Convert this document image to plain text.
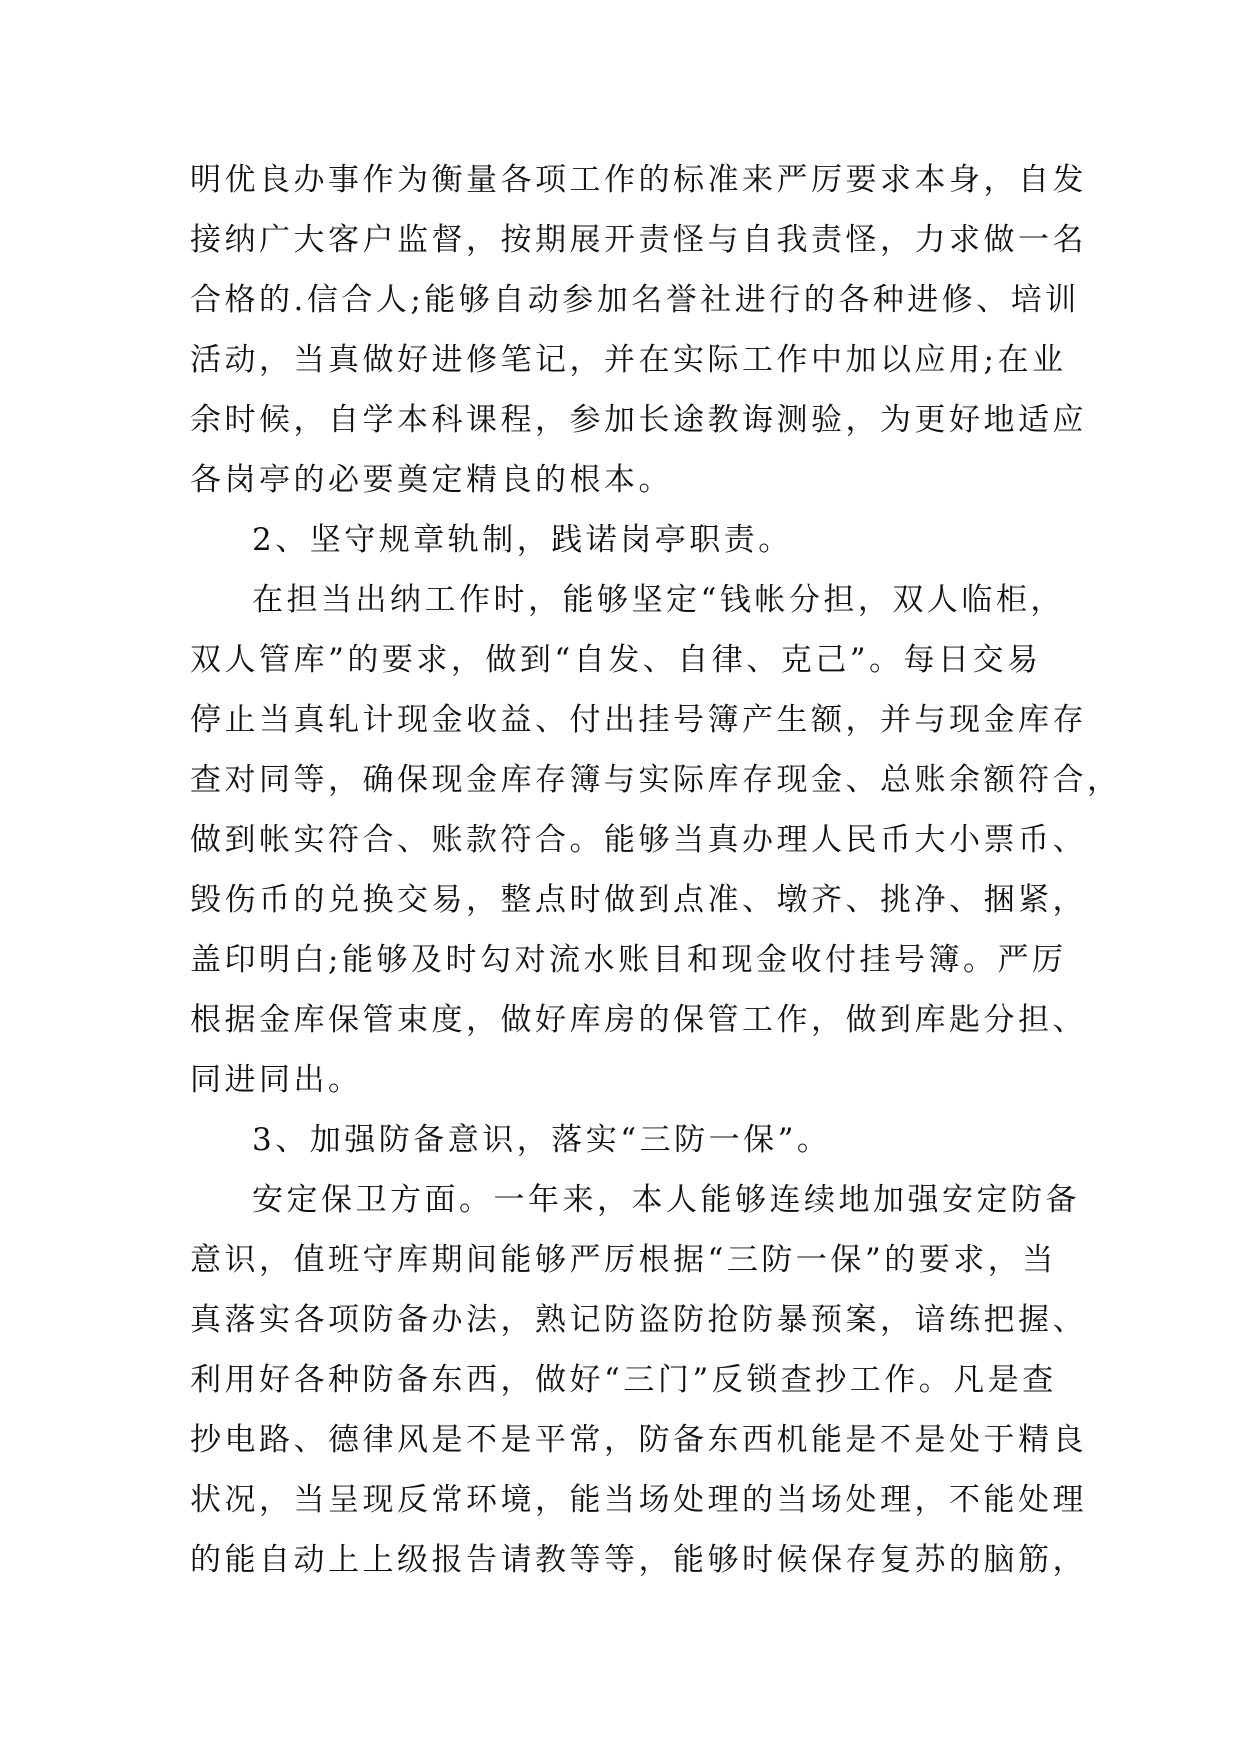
明优良办事作为衡量各项工作的标准来严厉要求本身，自发
接纳广大客户监督，按期展开责怪与自我责怪，力求做一名
合格的.信合人;能够自动参加名誉社进行的各种进修、培训
活动，当真做好进修笔记，并在实际工作中加以应用;在业
余时候，自学本科课程，参加长途教诲测验，为更好地适应
各岗亭的必要奠定精良的根本。
2、坚守规章轨制，践诺岗亭职责。
在担当出纳工作时，能够坚定“钱帐分担，双人临柜，
双人管库”的要求，做到“自发、自律、克己”。每日交易
停止当真轧计现金收益、付出挂号簿产生额，并与现金库存
查对同等，确保现金库存簿与实际库存现金、总账余额符合，
做到帐实符合、账款符合。能够当真办理人民币大小票币、
毁伤币的兑换交易，整点时做到点准、墩齐、挑净、捆紧，
盖印明白;能够及时勾对流水账目和现金收付挂号簿。严厉
根据金库保管束度，做好库房的保管工作，做到库匙分担、
同进同出。
3、加强防备意识，落实“三防一保”。
安定保卫方面。一年来，本人能够连续地加强安定防备
意识，值班守库期间能够严厉根据“三防一保”的要求，当
真落实各项防备办法，熟记防盗防抢防暴预案，谙练把握、
利用好各种防备东西，做好“三门”反锁查抄工作。凡是查
抄电路、德律风是不是平常，防备东西机能是不是处于精良
状况，当呈现反常环境，能当场处理的当场处理，不能处理
的能自动上上级报告请教等等，能够时候保存复苏的脑筋，
